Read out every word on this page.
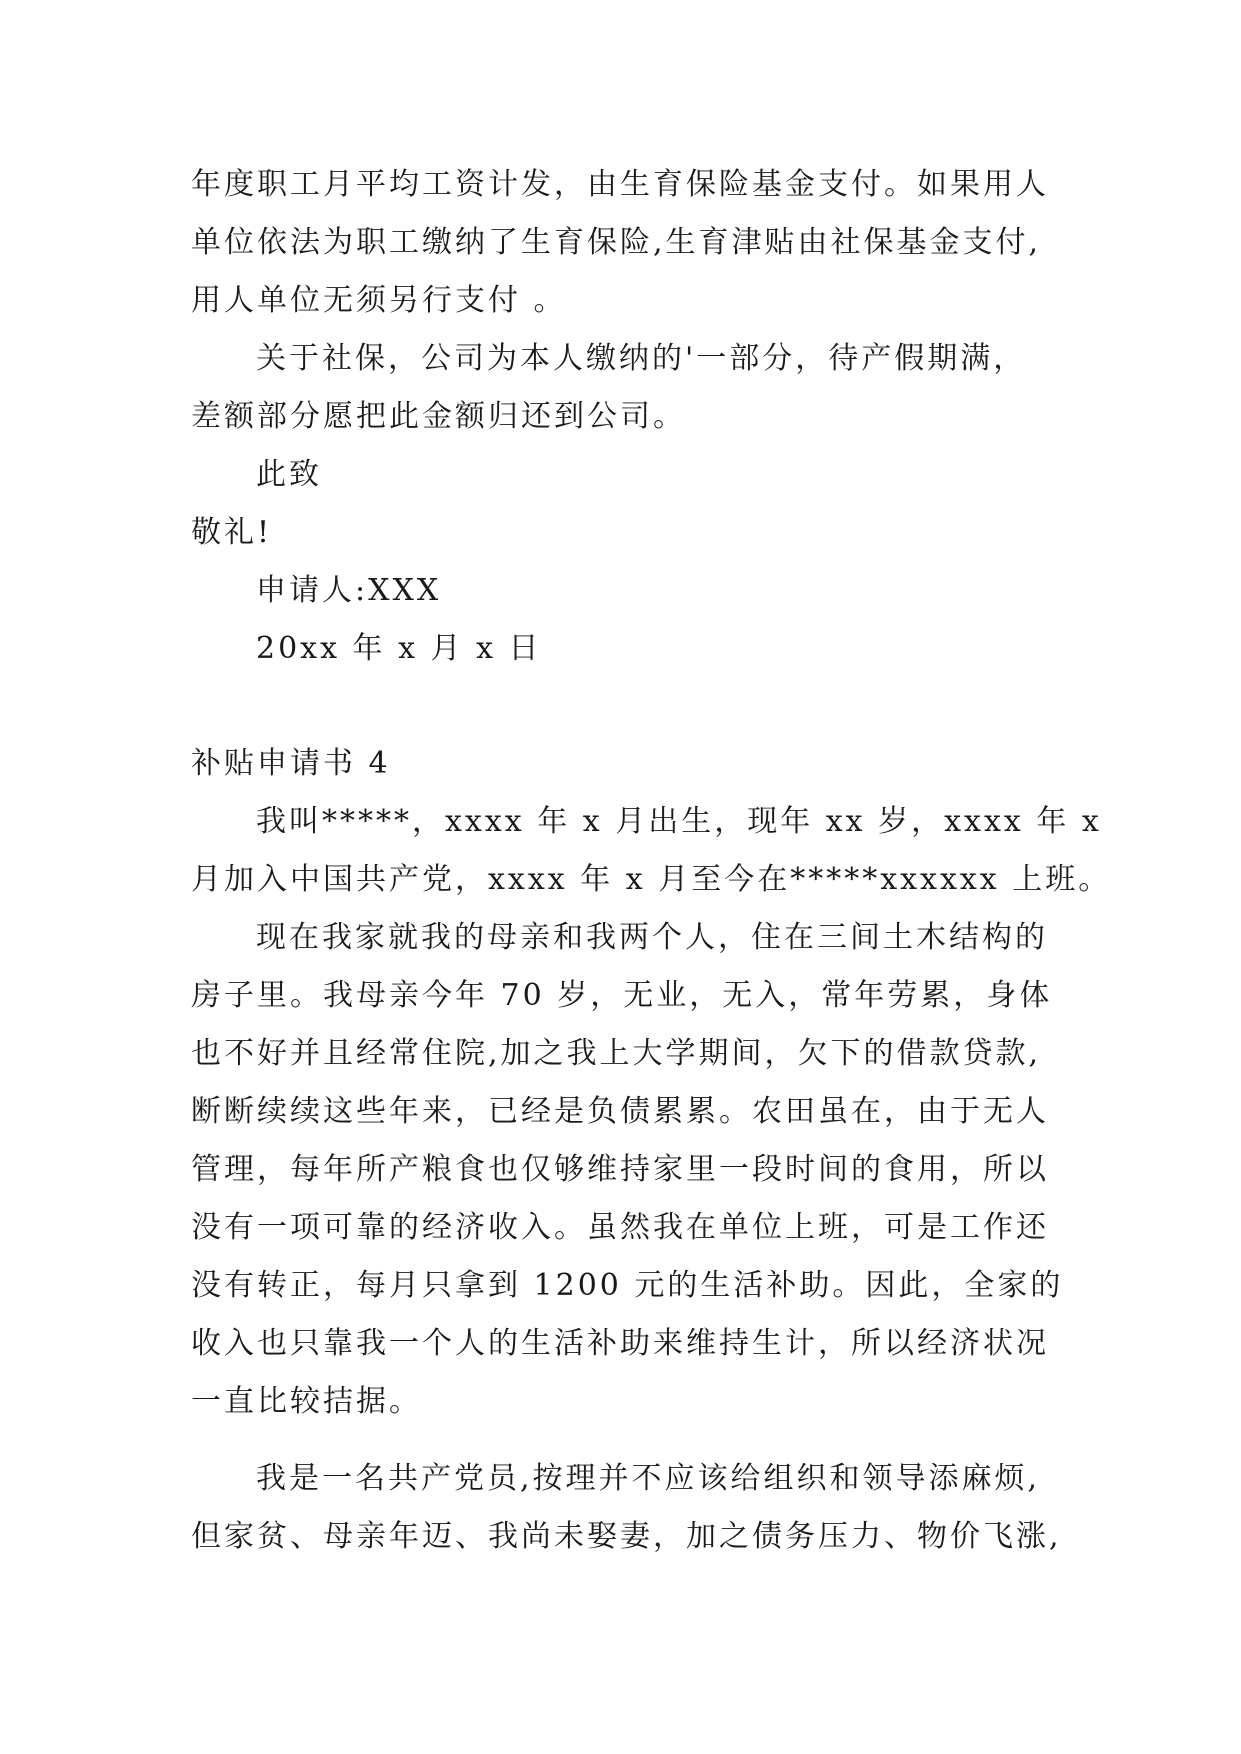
年度职工月平均工资计发，由生育保险基金支付。如果用人
单位依法为职工缴纳了生育保险,生育津贴由社保基金支付,
用人单位无须另行支付 。
关于社保，公司为本人缴纳的'一部分，待产假期满，
差额部分愿把此金额归还到公司。
此致
敬礼!
申请人:XXX
20xx 年 x 月 x 日
补贴申请书 4
我叫*****，xxxx 年 x 月出生，现年 xx 岁，xxxx 年 x
月加入中国共产党，xxxx 年 x 月至今在*****xxxxxx 上班。
现在我家就我的母亲和我两个人，住在三间土木结构的
房子里。我母亲今年 70 岁，无业，无入，常年劳累，身体
也不好并且经常住院,加之我上大学期间，欠下的借款贷款,
断断续续这些年来，已经是负债累累。农田虽在，由于无人
管理，每年所产粮食也仅够维持家里一段时间的食用，所以
没有一项可靠的经济收入。虽然我在单位上班，可是工作还
没有转正，每月只拿到 1200 元的生活补助。因此，全家的
收入也只靠我一个人的生活补助来维持生计，所以经济状况
一直比较拮据。
我是一名共产党员,按理并不应该给组织和领导添麻烦,
但家贫、母亲年迈、我尚未娶妻，加之债务压力、物价飞涨,
